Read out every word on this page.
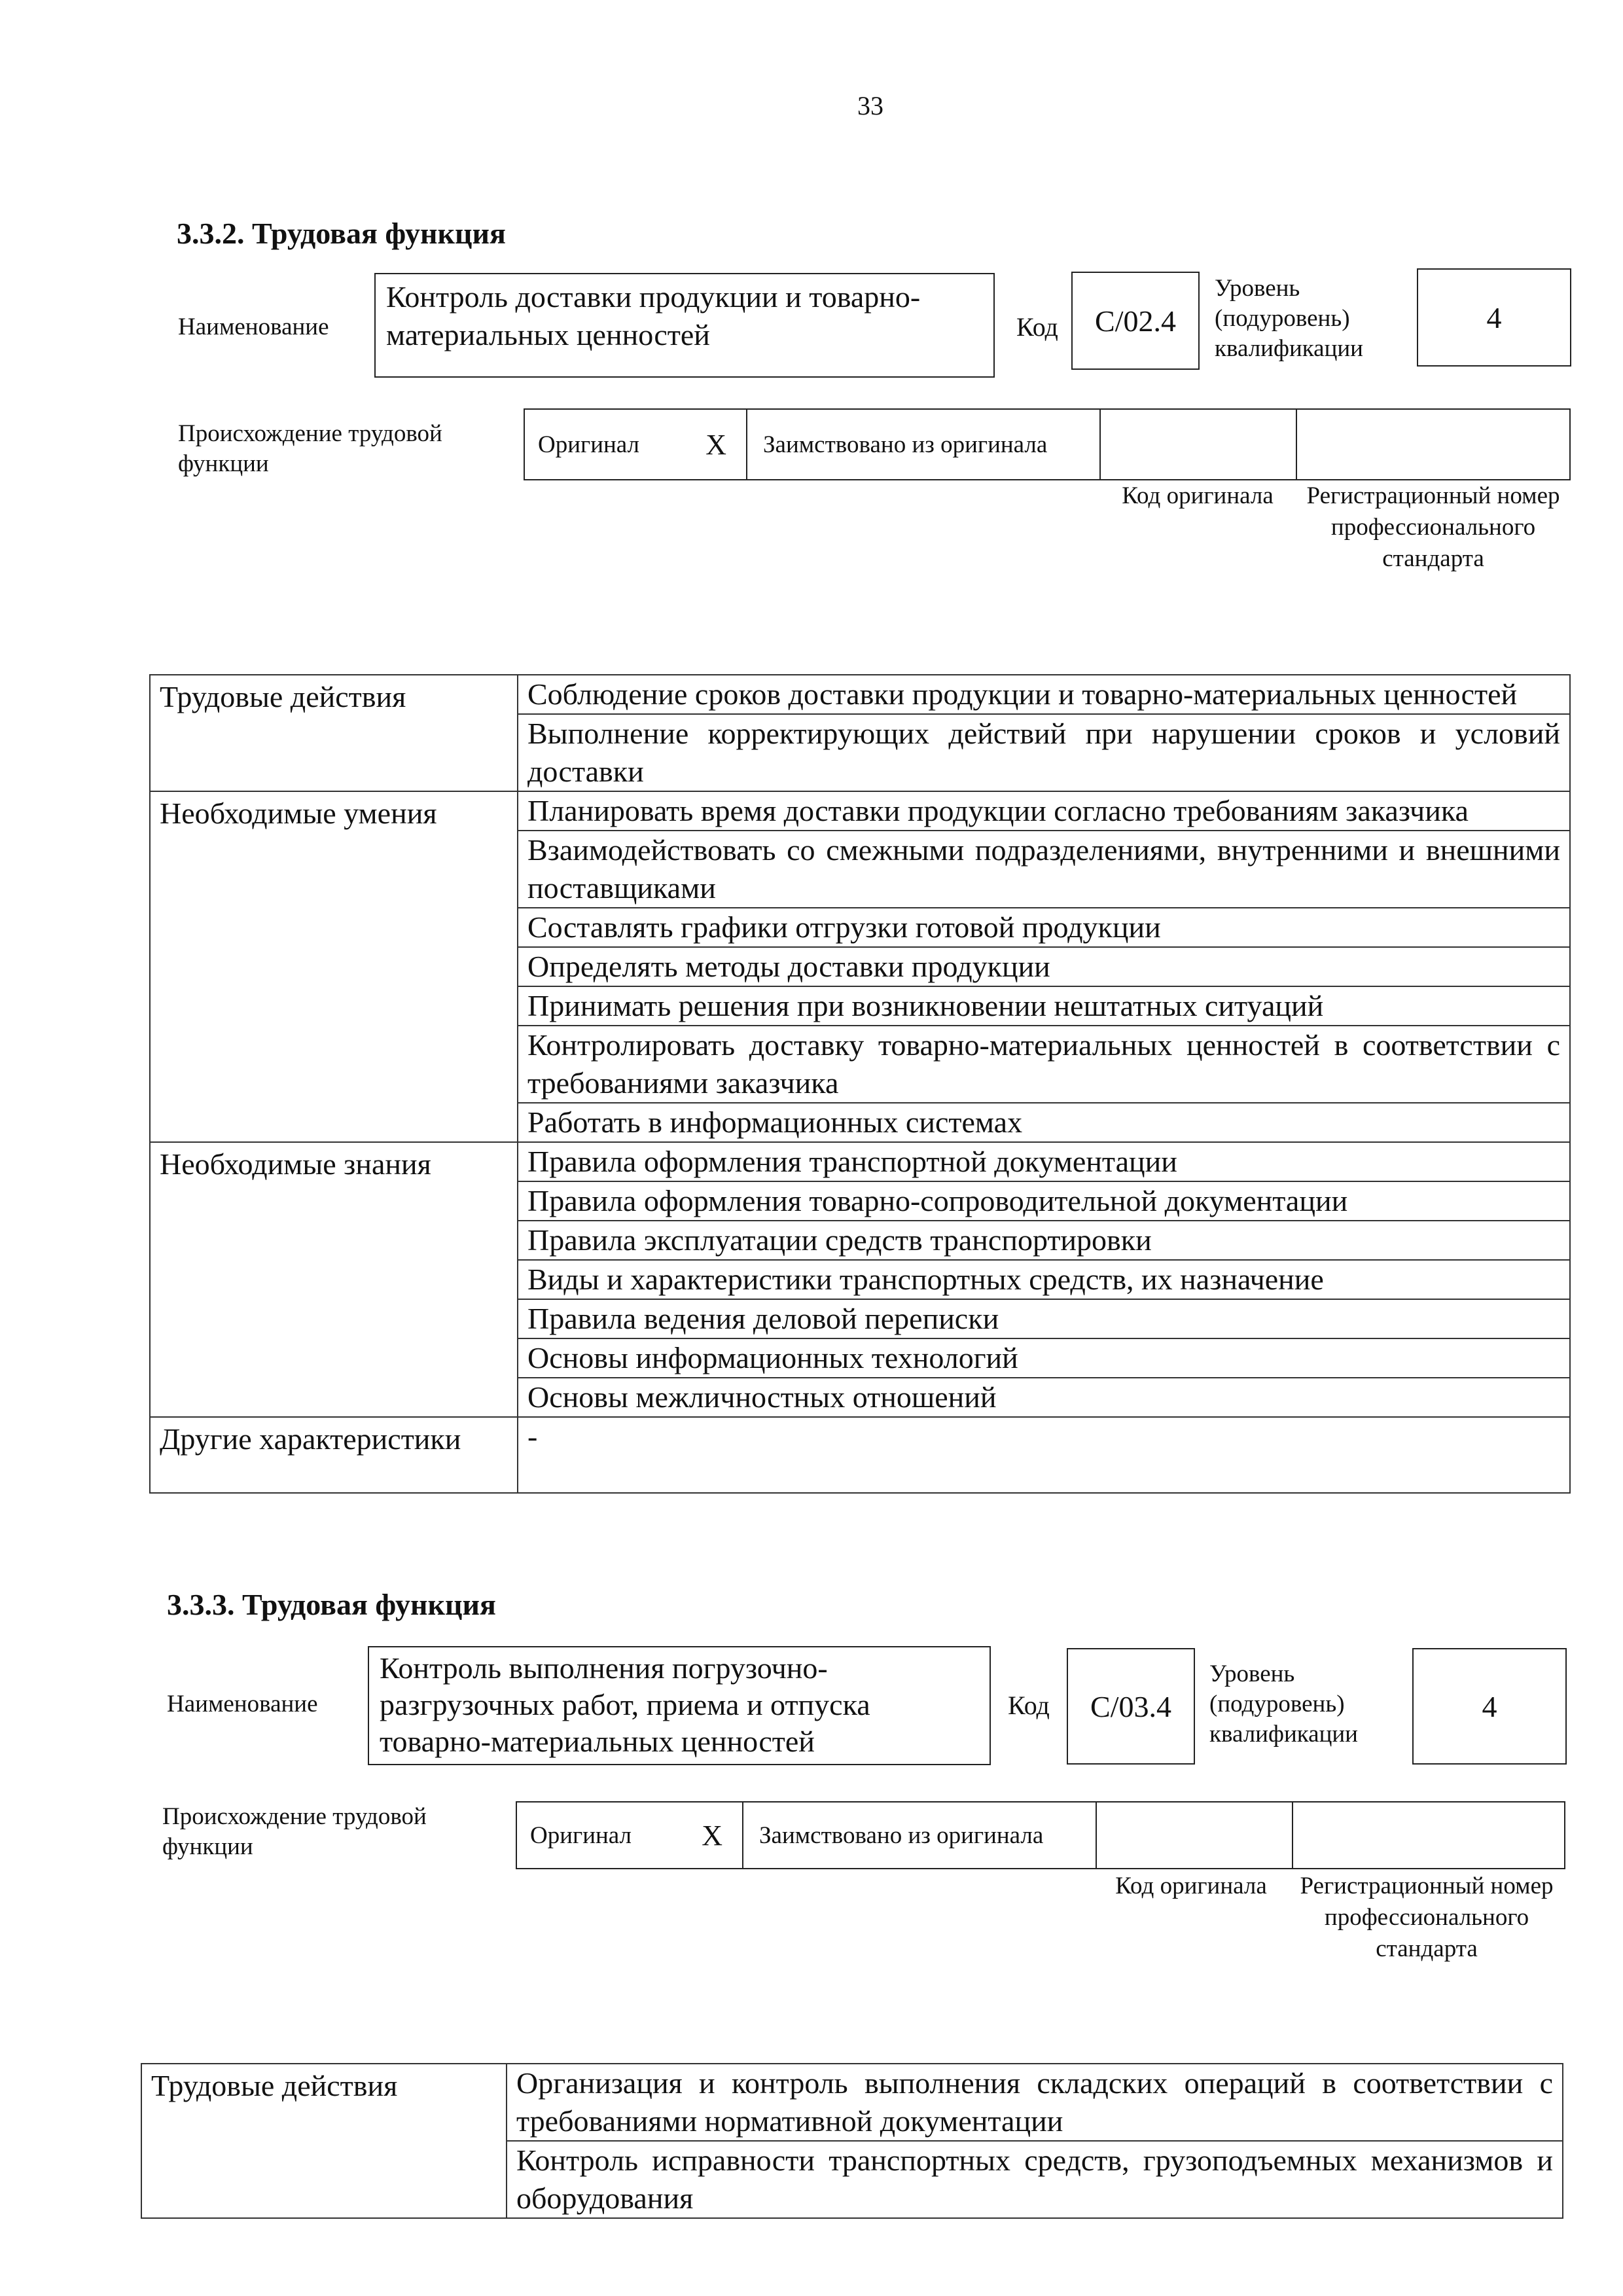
33
3.3.2. Трудовая функция
Наименование
Контроль доставки продукции и товарно-материальных ценностей	Код	C/02.4
Уровень (подуровень) квалификации
4
Происхождение трудовой функции
Оригинал X Заимствовано из оригинала
Код оригинала Регистрационный номер профессионального стандарта
Трудовые действия	Соблюдение сроков доставки продукции и товарно-материальных ценностей
	Выполнение корректирующих действий при нарушении сроков и условий доставки
Необходимые умения	Планировать время доставки продукции согласно требованиям заказчика
	Взаимодействовать со смежными подразделениями, внутренними и внешними поставщиками
	Составлять графики отгрузки готовой продукции
	Определять методы доставки продукции
	Принимать решения при возникновении нештатных ситуаций
	Контролировать доставку товарно-материальных ценностей в соответствии с требованиями заказчика
	Работать в информационных системах
Необходимые знания	Правила оформления транспортной документации
	Правила оформления товарно-сопроводительной документации
	Правила эксплуатации средств транспортировки
	Виды и характеристики транспортных средств, их назначение
	Правила ведения деловой переписки
	Основы информационных технологий
	Основы межличностных отношений
Другие характеристики	-
3.3.3. Трудовая функция
Наименование
Контроль выполнения погрузочно-разгрузочных работ, приема и отпуска товарно-материальных ценностей
Код	C/03.4
Уровень (подуровень) квалификации
4
Происхождение трудовой функции	Оригинал X Заимствовано из оригинала
Код оригинала Регистрационный номер профессионального стандарта
Трудовые действия	Организация и контроль выполнения складских операций в соответствии с требованиями нормативной документации
Контроль исправности транспортных средств, грузоподъемных механизмов и оборудования
